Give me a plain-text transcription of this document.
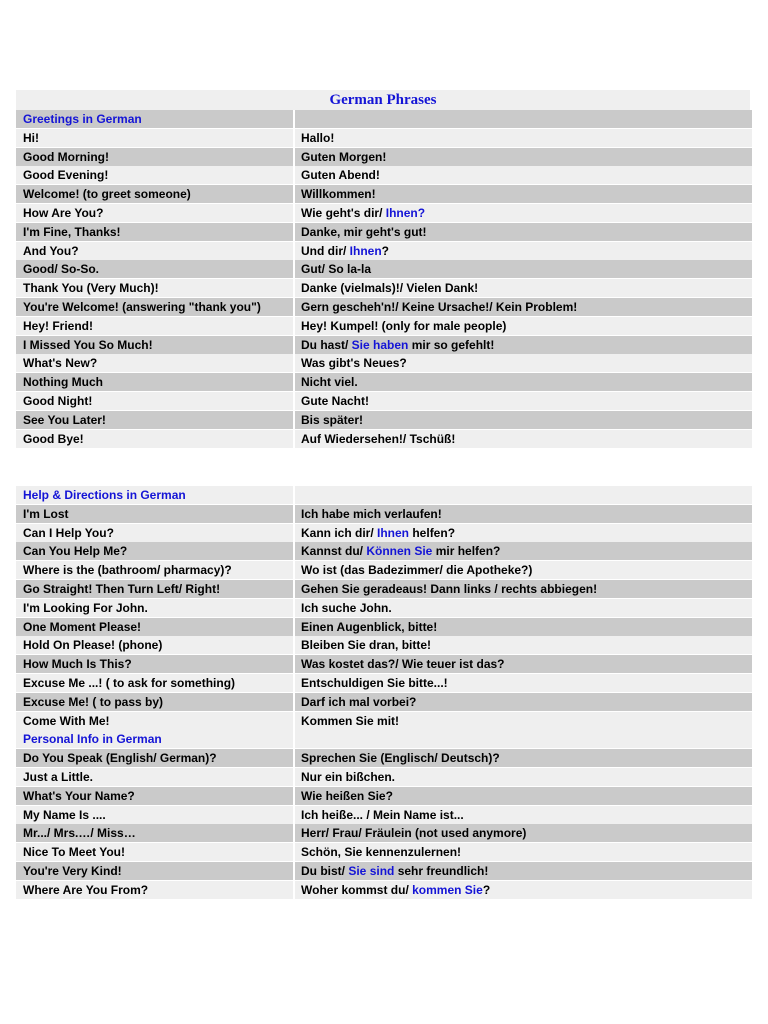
German Phrases
Greetings in German
Hi!	Hallo!
Good Morning!	Guten Morgen!
Good Evening!	Guten Abend!
Welcome! (to greet someone)	Willkommen!
How Are You?	Wie geht's dir/ Ihnen?
I'm Fine, Thanks!	Danke, mir geht's gut!
And You?	Und dir/ Ihnen?
Good/ So-So.	Gut/ So la-la
Thank You (Very Much)!	Danke (vielmals)!/ Vielen Dank!
You're Welcome! (answering "thank you")	Gern gescheh'n!/ Keine Ursache!/ Kein Problem!
Hey! Friend!	Hey! Kumpel! (only for male people)
I Missed You So Much!	Du hast/ Sie haben mir so gefehlt!
What's New?	Was gibt's Neues?
Nothing Much	Nicht viel.
Good Night!	Gute Nacht!
See You Later!	Bis später!
Good Bye!	Auf Wiedersehen!/ Tschüß!
Help & Directions in German
I'm Lost	Ich habe mich verlaufen!
Can I Help You?	Kann ich dir/ Ihnen helfen?
Can You Help Me?	Kannst du/ Können Sie mir helfen?
Where is the (bathroom/ pharmacy)?	Wo ist (das Badezimmer/ die Apotheke?)
Go Straight! Then Turn Left/ Right!	Gehen Sie geradeaus! Dann links / rechts abbiegen!
I'm Looking For John.	Ich suche John.
One Moment Please!	Einen Augenblick, bitte!
Hold On Please! (phone)	Bleiben Sie dran, bitte!
How Much Is This?	Was kostet das?/ Wie teuer ist das?
Excuse Me ...! ( to ask for something)	Entschuldigen Sie bitte...!
Excuse Me! ( to pass by)	Darf ich mal vorbei?
Come With Me!	Kommen Sie mit!
Personal Info in German
Do You Speak (English/ German)?	Sprechen Sie (Englisch/ Deutsch)?
Just a Little.	Nur ein bißchen.
What's Your Name?	Wie heißen Sie?
My Name Is ....	Ich heiße... / Mein Name ist...
Mr.../ Mrs.…/ Miss…	Herr/ Frau/ Fräulein (not used anymore)
Nice To Meet You!	Schön, Sie kennenzulernen!
You're Very Kind!	Du bist/ Sie sind sehr freundlich!
Where Are You From?	Woher kommst du/ kommen Sie?
